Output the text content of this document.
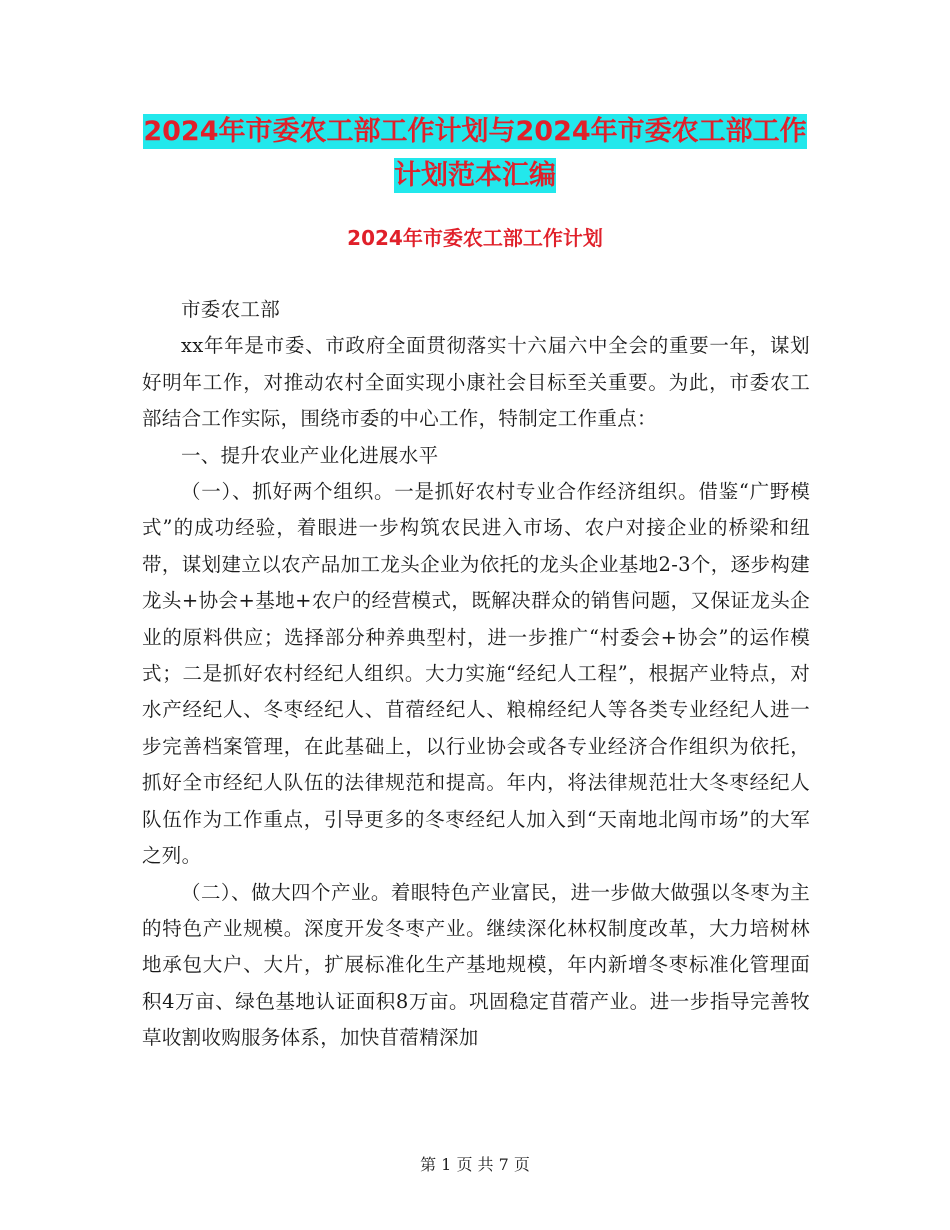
2024年市委农工部工作计划与2024年市委农工部工作
计划范本汇编
2024年市委农工部工作计划

市委农工部

xx年年是市委、市政府全面贯彻落实十六届六中全会的重要一年，谋划好明年工作，对推动农村全面实现小康社会目标至关重要。为此，市委农工部结合工作实际，围绕市委的中心工作，特制定工作重点：

一、提升农业产业化进展水平

（一）、抓好两个组织。一是抓好农村专业合作经济组织。借鉴“广野模式”的成功经验，着眼进一步构筑农民进入市场、农户对接企业的桥梁和纽带，谋划建立以农产品加工龙头企业为依托的龙头企业基地2-3个，逐步构建龙头+协会+基地+农户的经营模式，既解决群众的销售问题，又保证龙头企业的原料供应；选择部分种养典型村，进一步推广“村委会+协会”的运作模式；二是抓好农村经纪人组织。大力实施“经纪人工程”，根据产业特点，对水产经纪人、冬枣经纪人、苜蓿经纪人、粮棉经纪人等各类专业经纪人进一步完善档案管理，在此基础上，以行业协会或各专业经济合作组织为依托，抓好全市经纪人队伍的法律规范和提高。年内，将法律规范壮大冬枣经纪人队伍作为工作重点，引导更多的冬枣经纪人加入到“天南地北闯市场”的大军之列。

（二）、做大四个产业。着眼特色产业富民，进一步做大做强以冬枣为主的特色产业规模。深度开发冬枣产业。继续深化林权制度改革，大力培树林地承包大户、大片，扩展标准化生产基地规模，年内新增冬枣标准化管理面积4万亩、绿色基地认证面积8万亩。巩固稳定苜蓿产业。进一步指导完善牧草收割收购服务体系，加快苜蓿精深加

第 1 页 共 7 页
